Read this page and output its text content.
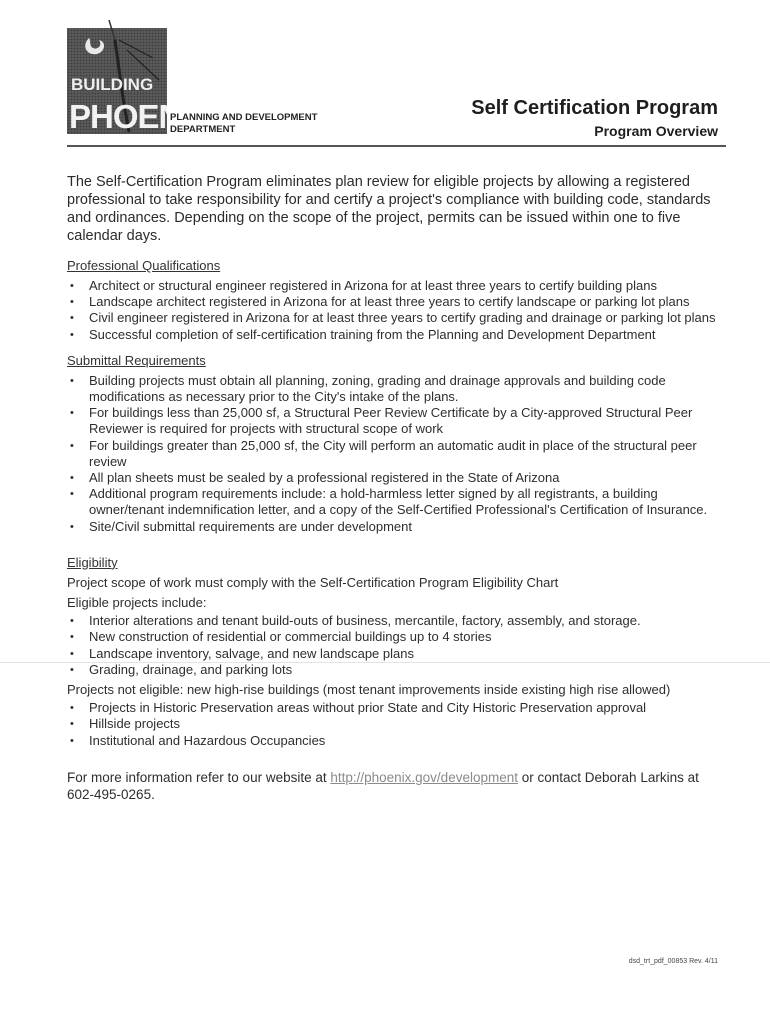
BUILDING
PHOE	PLANNING AND DEVELOPMENT
DEPARTMENT
Self Certification Program
Program Overview

The Self-Certification Program eliminates plan review for eligible projects by allowing a registered professional to take responsibility for and certify a project's compliance with building code, standards and ordinances. Depending on the scope of the project, permits can be issued within one to five calendar days.

Professional Qualifications

• Architect or structural engineer registered in Arizona for at least three years to certify building plans
• Landscape architect registered in Arizona for at least three years to certify landscape or parking lot plans
• Civil engineer registered in Arizona for at least three years to certify grading and drainage or parking lot plans
• Successful completion of self-certification training from the Planning and Development Department

Submittal Requirements

• Building projects must obtain all planning, zoning, grading and drainage approvals and building code modifications as necessary prior to the City's intake of the plans.
• For buildings less than 25,000 sf, a Structural Peer Review Certificate by a City-approved Structural Peer Reviewer is required for projects with structural scope of work
• For buildings greater than 25,000 sf, the City will perform an automatic audit in place of the structural peer review
• All plan sheets must be sealed by a professional registered in the State of Arizona
• Additional program requirements include: a hold-harmless letter signed by all registrants, a building owner/tenant indemnification letter, and a copy of the Self-Certified Professional's Certification of Insurance.
• Site/Civil submittal requirements are under development

Eligibility

Project scope of work must comply with the Self-Certification Program Eligibility Chart

Eligible projects include:

• Interior alterations and tenant build-outs of business, mercantile, factory, assembly, and storage.
• New construction of residential or commercial buildings up to 4 stories
• Landscape inventory, salvage, and new landscape plans
• Grading, drainage, and parking lots

Projects not eligible: new high-rise buildings (most tenant improvements inside existing high rise allowed)

• Projects in Historic Preservation areas without prior State and City Historic Preservation approval
• Hillside projects
• Institutional and Hazardous Occupancies

For more information refer to our website at http://phoenix.gov/development or contact Deborah Larkins at 602-495-0265.

dsd_trt_pdf_00853 Rev. 4/11
